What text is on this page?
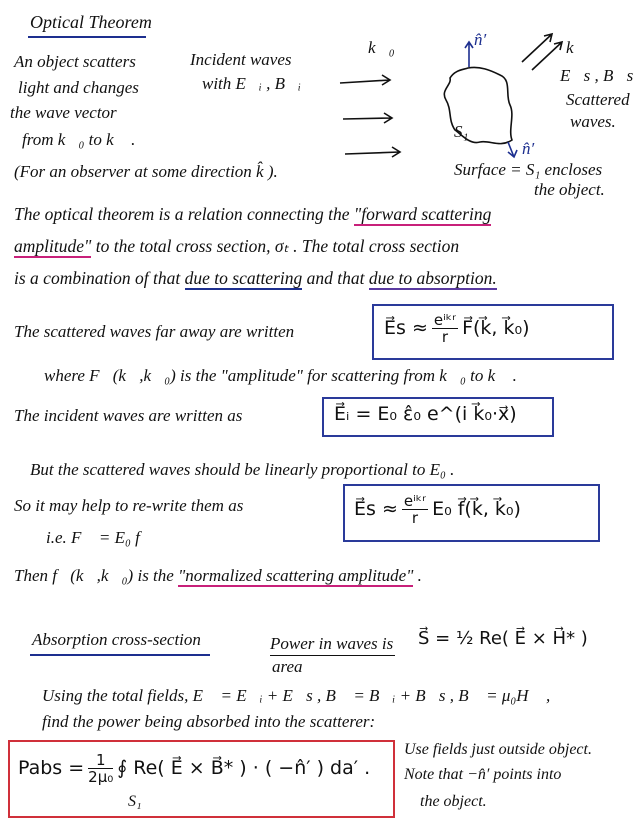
Optical Theorem
An object scatters
light and changes
the wave vector
from k⃗₀ to k⃗ .
(For an observer at some direction k̂ ).
Incident waves
with E⃗ᵢ , B⃗ᵢ
k⃗₀	n̂′
n̂′
S₁
k⃗
E⃗s , B⃗s
Scattered
waves.
Surface = S₁ encloses
the object.
The optical theorem is a relation connecting the "forward scattering
amplitude" to the total cross section, σₜ . The total cross section
is a combination of that due to scattering and that due to absorption.
The scattered waves far away are written	E⃗s ≈ $\frac{\text{eⁱᵏʳ}}{r}$ F⃗(k⃗, k⃗₀)
where F⃗(k⃗,k⃗₀) is the "amplitude" for scattering from k⃗₀ to k⃗ .
The incident waves are written as	E⃗ᵢ = E₀ ε̂₀ e^(i k⃗₀·x⃗)
But the scattered waves should be linearly proportional to E₀ .
So it may help to re-write them as	E⃗s ≈ $\frac{\text{eⁱᵏʳ}}{r} E_0$ f⃗(k⃗, k⃗₀)
i.e. F⃗ = E₀ f⃗
Then f⃗(k⃗,k⃗₀) is the "normalized scattering amplitude" .
Absorption cross-section	Power in waves is
area
S⃗ = ½ Re( E⃗ × H⃗* )
Using the total fields, E⃗ = E⃗ᵢ + E⃗s , B⃗ = B⃗ᵢ + B⃗s , B⃗ = μ₀H⃗ ,
find the power being absorbed into the scatterer:
Pabs = $\frac{1}{\text{2μ₀}}$ ∮ Re( E⃗ × B⃗* ) · ( −n̂′ ) da′ .
S₁
Use fields just outside object.
Note that −n̂′ points into
the object.
